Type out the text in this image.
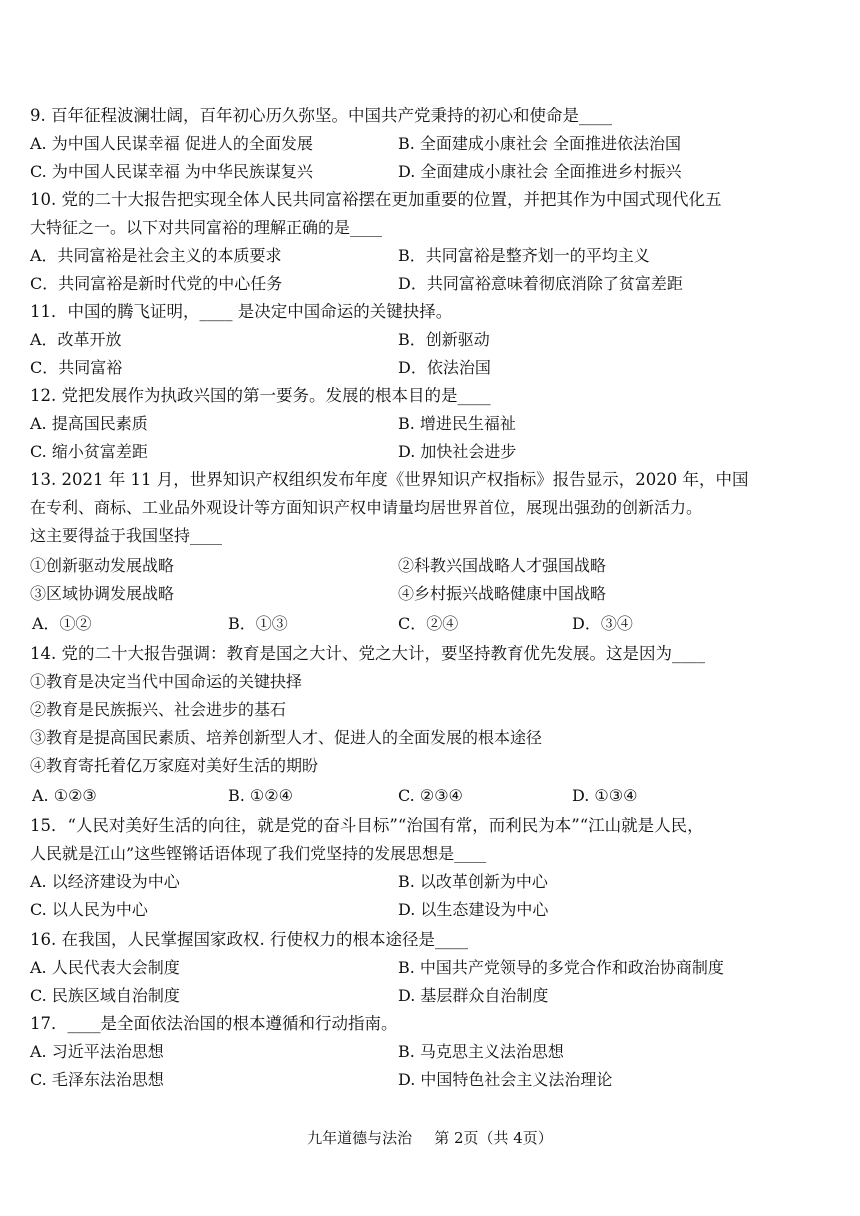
9. 百年征程波澜壮阔，百年初心历久弥坚。中国共产党秉持的初心和使命是____
A. 为中国人民谋幸福 促进人的全面发展	B. 全面建成小康社会 全面推进依法治国
C. 为中国人民谋幸福 为中华民族谋复兴	D. 全面建成小康社会 全面推进乡村振兴
10. 党的二十大报告把实现全体人民共同富裕摆在更加重要的位置，并把其作为中国式现代化五
大特征之一。以下对共同富裕的理解正确的是____
A．共同富裕是社会主义的本质要求	B．共同富裕是整齐划一的平均主义
C．共同富裕是新时代党的中心任务	D．共同富裕意味着彻底消除了贫富差距
11．中国的腾飞证明，____ 是决定中国命运的关键抉择。
A．改革开放	B．创新驱动
C．共同富裕	D．依法治国
12. 党把发展作为执政兴国的第一要务。发展的根本目的是____
A. 提高国民素质	B. 增进民生福祉
C. 缩小贫富差距	D. 加快社会进步
13. 2021 年 11 月，世界知识产权组织发布年度《世界知识产权指标》报告显示，2020 年，中国
在专利、商标、工业品外观设计等方面知识产权申请量均居世界首位，展现出强劲的创新活力。
这主要得益于我国坚持____
①创新驱动发展战略	②科教兴国战略人才强国战略
③区域协调发展战略	④乡村振兴战略健康中国战略
A．①②	B．①③	C．②④	D．③④
14. 党的二十大报告强调：教育是国之大计、党之大计，要坚持教育优先发展。这是因为____
①教育是决定当代中国命运的关键抉择
②教育是民族振兴、社会进步的基石
③教育是提高国民素质、培养创新型人才、促进人的全面发展的根本途径
④教育寄托着亿万家庭对美好生活的期盼
A. ①②③	B. ①②④	C. ②③④	D. ①③④
15．“人民对美好生活的向往，就是党的奋斗目标”“治国有常，而利民为本”“江山就是人民，
人民就是江山”这些铿锵话语体现了我们党坚持的发展思想是____
A. 以经济建设为中心	B. 以改革创新为中心
C. 以人民为中心	D. 以生态建设为中心
16. 在我国，人民掌握国家政权. 行使权力的根本途径是____
A. 人民代表大会制度	B. 中国共产党领导的多党合作和政治协商制度
C. 民族区域自治制度	D. 基层群众自治制度
17．____是全面依法治国的根本遵循和行动指南。
A. 习近平法治思想	B. 马克思主义法治思想
C. 毛泽东法治思想	D. 中国特色社会主义法治理论
九年道德与法治 第 2页（共 4页）
